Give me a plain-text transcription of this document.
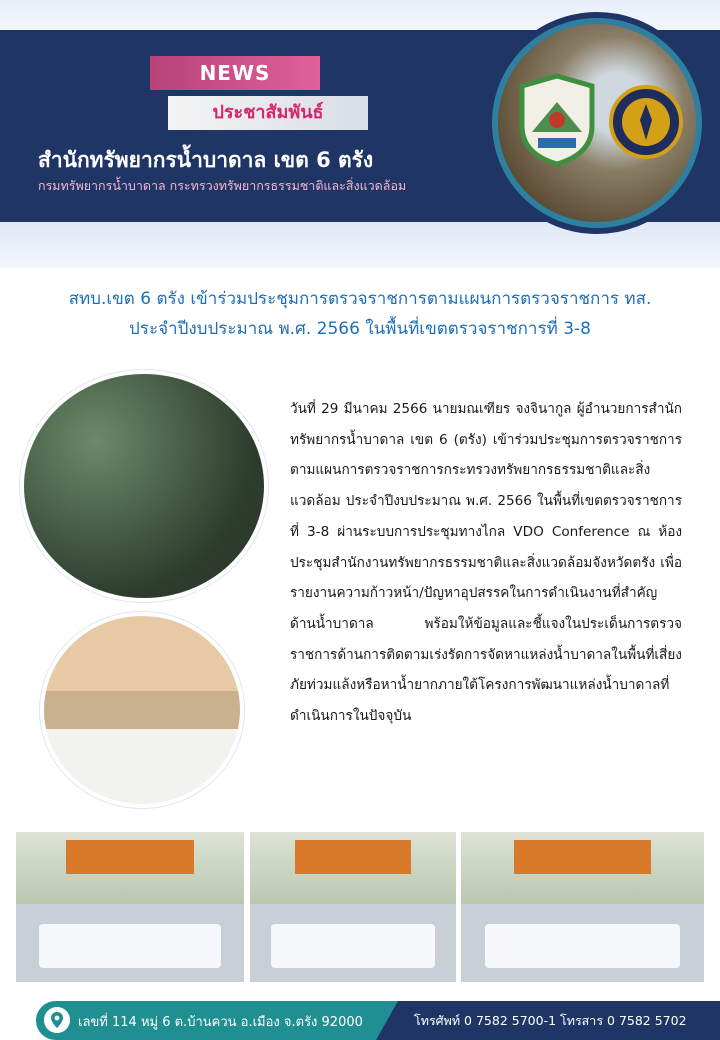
NEWS
ประชาสัมพันธ์
สำนักทรัพยากรน้ำบาดาล เขต 6 ตรัง
กรมทรัพยากรน้ำบาดาล กระทรวงทรัพยากรธรรมชาติและสิ่งแวดล้อม
สทบ.เขต 6 ตรัง เข้าร่วมประชุมการตรวจราชการตามแผนการตรวจราชการ ทส.
ประจำปีงบประมาณ พ.ศ. 2566 ในพื้นที่เขตตรวจราชการที่ 3-8
วันที่ 29 มีนาคม 2566 นายมณเฑียร จงจินากูล ผู้อำนวยการสำนักทรัพยากรน้ำบาดาล เขต 6 (ตรัง) เข้าร่วมประชุมการตรวจราชการตามแผนการตรวจราชการกระทรวงทรัพยากรธรรมชาติและสิ่งแวดล้อม ประจำปีงบประมาณ พ.ศ. 2566 ในพื้นที่เขตตรวจราชการที่ 3-8 ผ่านระบบการประชุมทางไกล VDO Conference ณ ห้องประชุมสำนักงานทรัพยากรธรรมชาติและสิ่งแวดล้อมจังหวัดตรัง เพื่อรายงานความก้าวหน้า/ปัญหาอุปสรรคในการดำเนินงานที่สำคัญด้านน้ำบาดาล พร้อมให้ข้อมูลและชี้แจงในประเด็นการตรวจราชการด้านการติดตามเร่งรัดการจัดหาแหล่งน้ำบาดาลในพื้นที่เสี่ยงภัยท่วมแล้งหรือหาน้ำยากภายใต้โครงการพัฒนาแหล่งน้ำบาดาลที่ดำเนินการในปัจจุบัน
เลขที่ 114 หมู่ 6 ต.บ้านควน อ.เมือง จ.ตรัง 92000	โทรศัพท์ 0 7582 5700-1 โทรสาร 0 7582 5702
